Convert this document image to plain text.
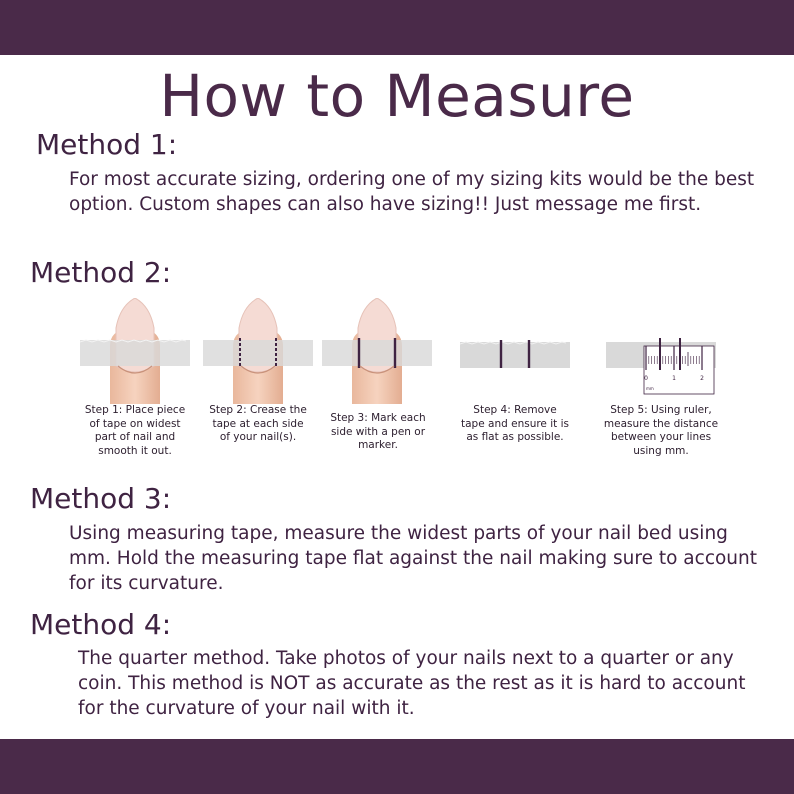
How to Measure
Method 1:

For most accurate sizing, ordering one of my sizing kits would be the best option. Custom shapes can also have sizing!! Just message me first.

Method 2:

Step 1: Place piece of tape on widest part of nail and smooth it out.

Step 2: Crease the tape at each side of your nail(s).

Step 3: Mark each side with a pen or marker.

Step 4: Remove tape and ensure it is as flat as possible.

0	1	2
mm

Step 5: Using ruler, measure the distance between your lines using mm.

Method 3:

Using measuring tape, measure the widest parts of your nail bed using mm. Hold the measuring tape flat against the nail making sure to account for its curvature.

Method 4:

The quarter method. Take photos of your nails next to a quarter or any coin. This method is NOT as accurate as the rest as it is hard to account for the curvature of your nail with it.
